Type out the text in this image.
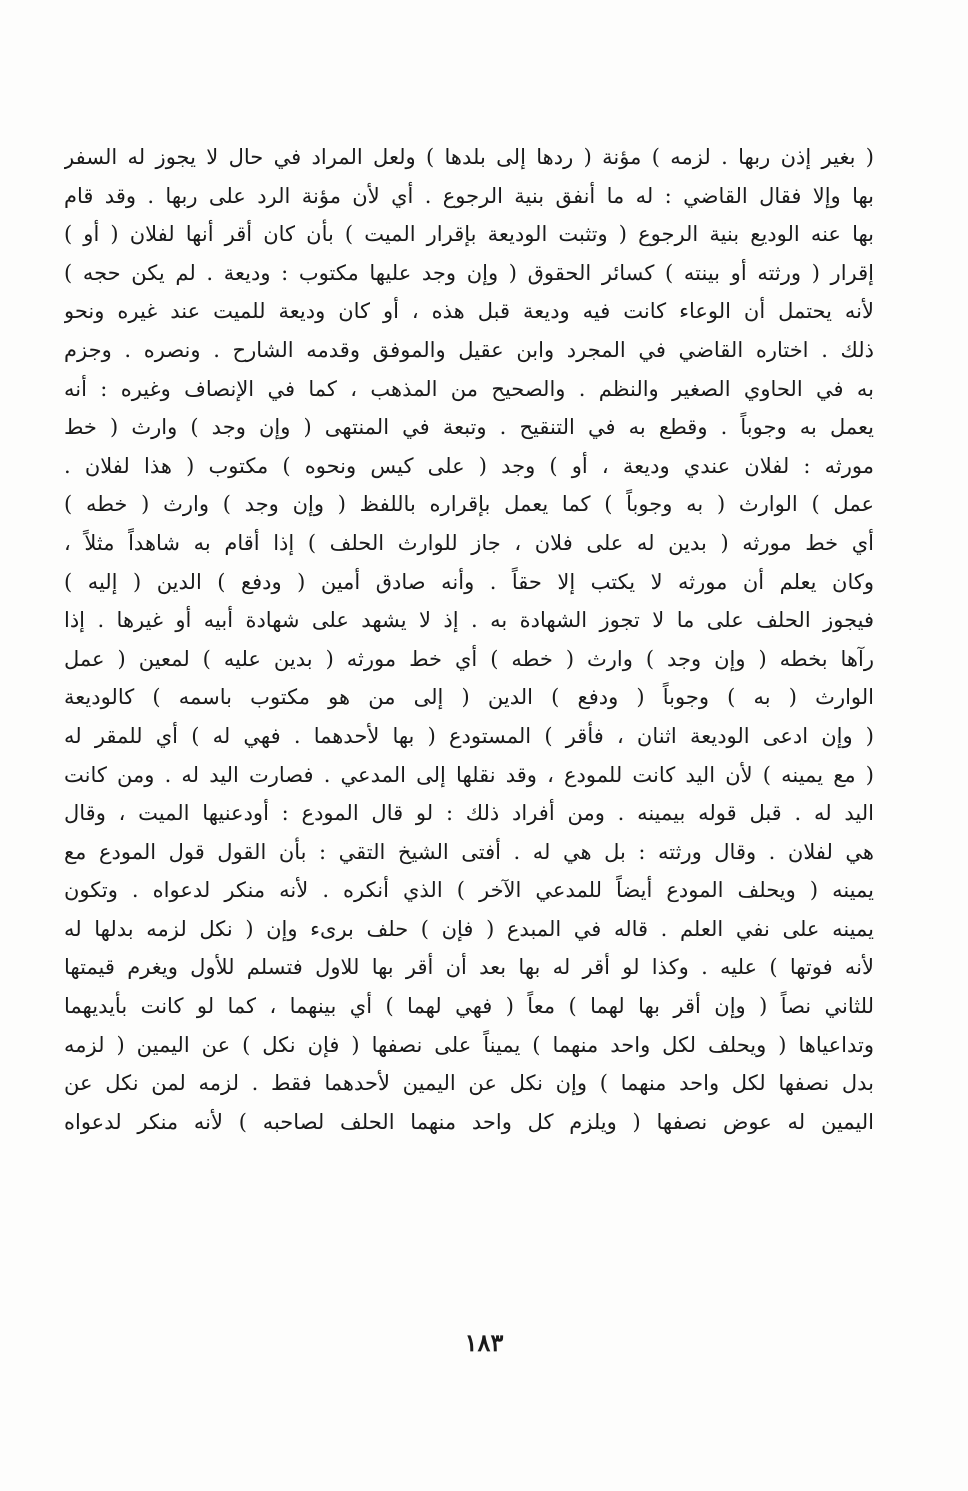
( بغير إذن ربها . لزمه ) مؤنة ( ردها إلى بلدها ) ولعل المراد في حال لا يجوز له السفر
بها وإلا فقال القاضي : له ما أنفق بنية الرجوع . أي لأن مؤنة الرد على ربها . وقد قام
بها عنه الوديع بنية الرجوع ( وتثبت الوديعة بإقرار الميت ) بأن كان أقر أنها لفلان ( أو )
إقرار ( ورثته أو بينته ) كسائر الحقوق ( وإن وجد عليها مكتوب : وديعة . لم يكن حجه )
لأنه يحتمل أن الوعاء كانت فيه وديعة قبل هذه ، أو كان وديعة للميت عند غيره ونحو
ذلك . اختاره القاضي في المجرد وابن عقيل والموفق وقدمه الشارح . ونصره . وجزم
به في الحاوي الصغير والنظم . والصحيح من المذهب ، كما في الإنصاف وغيره : أنه
يعمل به وجوباً . وقطع به في التنقيح . وتبعة في المنتهى ( وإن وجد ) وارث ( خط
مورثه : لفلان عندي وديعة ، أو ) وجد ( على كيس ونحوه ) مكتوب ( هذا لفلان .
عمل ) الوارث ( به وجوباً ) كما يعمل بإقراره باللفظ ( وإن وجد ) وارث ( خطه )
أي خط مورثه ( بدين له على فلان ، جاز للوارث الحلف ) إذا أقام به شاهداً مثلاً ،
وكان يعلم أن مورثه لا يكتب إلا حقاً . وأنه صادق أمين ( ودفع ) الدين ( إليه )
فيجوز الحلف على ما لا تجوز الشهادة به . إذ لا يشهد على شهادة أبيه أو غيرها . إذا
رآها بخطه ( وإن وجد ) وارث ( خطه ) أي خط مورثه ( بدين عليه ) لمعين ( عمل
الوارث ( به ) وجوباً ( ودفع ) الدين ( إلى من هو مكتوب باسمه ) كالوديعة
( وإن ادعى الوديعة اثنان ، فأقر ) المستودع ( بها لأحدهما . فهي له ) أي للمقر له
( مع يمينه ) لأن اليد كانت للمودع ، وقد نقلها إلى المدعي . فصارت اليد له . ومن كانت
اليد له . قبل قوله بيمينه . ومن أفراد ذلك : لو قال المودع : أودعنيها الميت ، وقال
هي لفلان . وقال ورثته : بل هي له . أفتى الشيخ التقي : بأن القول قول المودع مع
يمينه ( ويحلف المودع أيضاً للمدعي الآخر ) الذي أنكره . لأنه منكر لدعواه . وتكون
يمينه على نفي العلم . قاله في المبدع ( فإن ) حلف برىء وإن ( نكل لزمه بدلها له
لأنه فوتها ) عليه . وكذا لو أقر له بها بعد أن أقر بها للاول فتسلم للأول ويغرم قيمتها
للثاني نصاً ( وإن أقر بها لهما ) معاً ( فهي لهما ) أي بينهما ، كما لو كانت بأيديهما
وتداعياها ( ويحلف لكل واحد منهما ) يميناً على نصفها ( فإن نكل ) عن اليمين ( لزمه
بدل نصفها لكل واحد منهما ) وإن نكل عن اليمين لأحدهما فقط . لزمه لمن نكل عن
اليمين له عوض نصفها ( ويلزم كل واحد منهما الحلف لصاحبه ) لأنه منكر لدعواه
١٨٣
